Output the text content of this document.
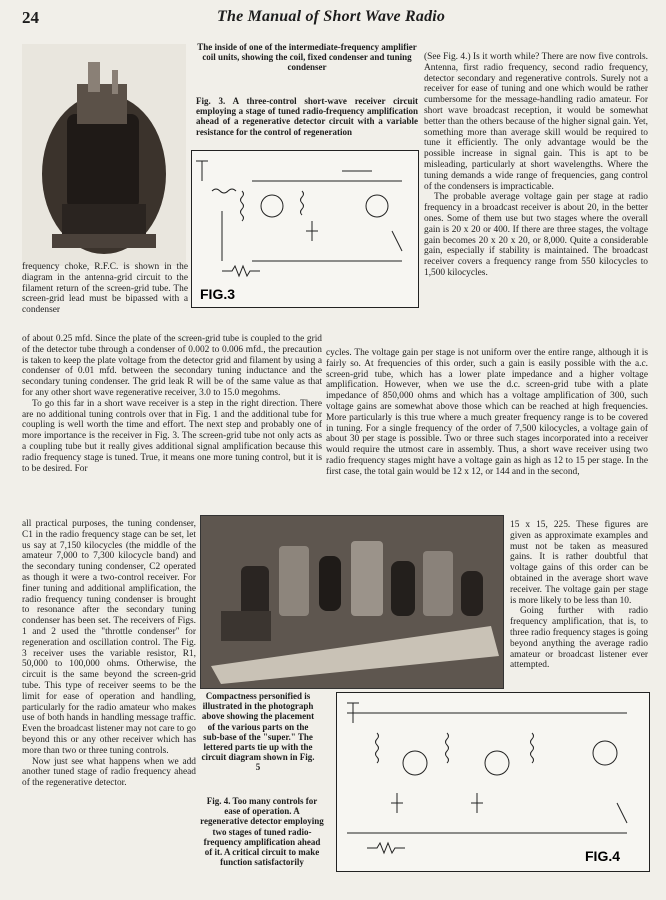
24	The Manual of Short Wave Radio

The inside of one of the intermediate-frequency amplifier coil units, showing the coil, fixed condenser and tuning condenser

Fig. 3. A three-control short-wave receiver circuit employing a stage of tuned radio-frequency amplification ahead of a regenerative detector circuit with a variable resistance for the control of regeneration

FIG.3

frequency choke, R.F.C. is shown in the diagram in the antenna-grid circuit to the filament return of the screen-grid tube. The screen-grid lead must be bipassed with a condenser

of about 0.25 mfd. Since the plate of the screen-grid tube is coupled to the grid of the detector tube through a condenser of 0.002 to 0.006 mfd., the precaution is taken to keep the plate voltage from the detector grid and filament by using a condenser of 0.01 mfd. between the secondary tuning inductance and the secondary tuning condenser. The grid leak R will be of the same value as that for any other short wave regenerative receiver, 3.0 to 15.0 megohms.

To go this far in a short wave receiver is a step in the right direction. There are no additional tuning controls over that in Fig. 1 and the additional tube for coupling is well worth the time and effort. The next step and probably one of more importance is the receiver in Fig. 3. The screen-grid tube not only acts as a coupling tube but it really gives additional signal amplification because this radio frequency stage is tuned. True, it means one more tuning control, but it is to be desired. For

all practical purposes, the tuning condenser, C1 in the radio frequency stage can be set, let us say at 7,150 kilocycles (the middle of the amateur 7,000 to 7,300 kilocycle band) and the secondary tuning condenser, C2 operated as though it were a two-control receiver. For finer tuning and additional amplification, the radio frequency tuning condenser is brought to resonance after the secondary tuning condenser has been set. The receivers of Figs. 1 and 2 used the "throttle condenser" for regeneration and oscillation control. The Fig. 3 receiver uses the variable resistor, R1, 50,000 to 100,000 ohms. Otherwise, the circuit is the same beyond the screen-grid tube. This type of receiver seems to be the limit for ease of operation and handling, particularly for the radio amateur who makes use of both hands in handling message traffic. Even the broadcast listener may not care to go beyond this or any other receiver which has more than two or three tuning controls.

Now just see what happens when we add another tuned stage of radio frequency ahead of the regenerative detector.

(See Fig. 4.) Is it worth while? There are now five controls. Antenna, first radio frequency, second radio frequency, detector secondary and regenerative controls. Surely not a receiver for ease of tuning and one which would be rather cumbersome for the message-handling radio amateur. For short wave broadcast reception, it would be somewhat better than the others because of the higher signal gain. Yet, something more than average skill would be required to tune it efficiently. The only advantage would be the possible increase in signal gain. This is apt to be misleading, particularly at short wavelengths. Where the tuning demands a wide range of frequencies, gang control of the condensers is impracticable.

The probable average voltage gain per stage at radio frequency in a broadcast receiver is about 20, in the better ones. Some of them use but two stages where the overall gain is 20 x 20 or 400. If there are three stages, the voltage gain becomes 20 x 20 x 20, or 8,000. Quite a considerable gain, especially if stability is maintained. The broadcast receiver covers a frequency range from 550 kilocycles to 1,500 kilocycles.

cycles. The voltage gain per stage is not uniform over the entire range, although it is fairly so. At frequencies of this order, such a gain is easily possible with the a.c. screen-grid tube, which has a lower plate impedance and a higher voltage amplification. However, when we use the d.c. screen-grid tube with a plate impedance of 850,000 ohms and which has a voltage amplification of 300, such voltage gains are somewhat above those which can be reached at high frequencies. More particularly is this true where a much greater frequency range is to be covered in tuning. For a single frequency of the order of 7,500 kilocycles, a voltage gain of about 30 per stage is possible. Two or three such stages incorporated into a receiver would require the utmost care in assembly. Thus, a short wave receiver using two radio frequency stages might have a voltage gain as high as 12 to 15 per stage. In the first case, the total gain would be 12 x 12, or 144 and in the second,

15 x 15, 225. These figures are given as approximate examples and must not be taken as measured gains. It is rather doubtful that voltage gains of this order can be obtained in the average short wave receiver. The voltage gain per stage is more likely to be less than 10.

Going further with radio frequency amplification, that is, to three radio frequency stages is going beyond anything the average radio amateur or broadcast listener ever attempted.

Compactness personified is illustrated in the photograph above showing the placement of the various parts on the sub-base of the "super." The lettered parts tie up with the circuit diagram shown in Fig. 5

Fig. 4. Too many controls for ease of operation. A regenerative detector employing two stages of tuned radio-frequency amplification ahead of it. A critical circuit to make function satisfactorily	FIG.4
